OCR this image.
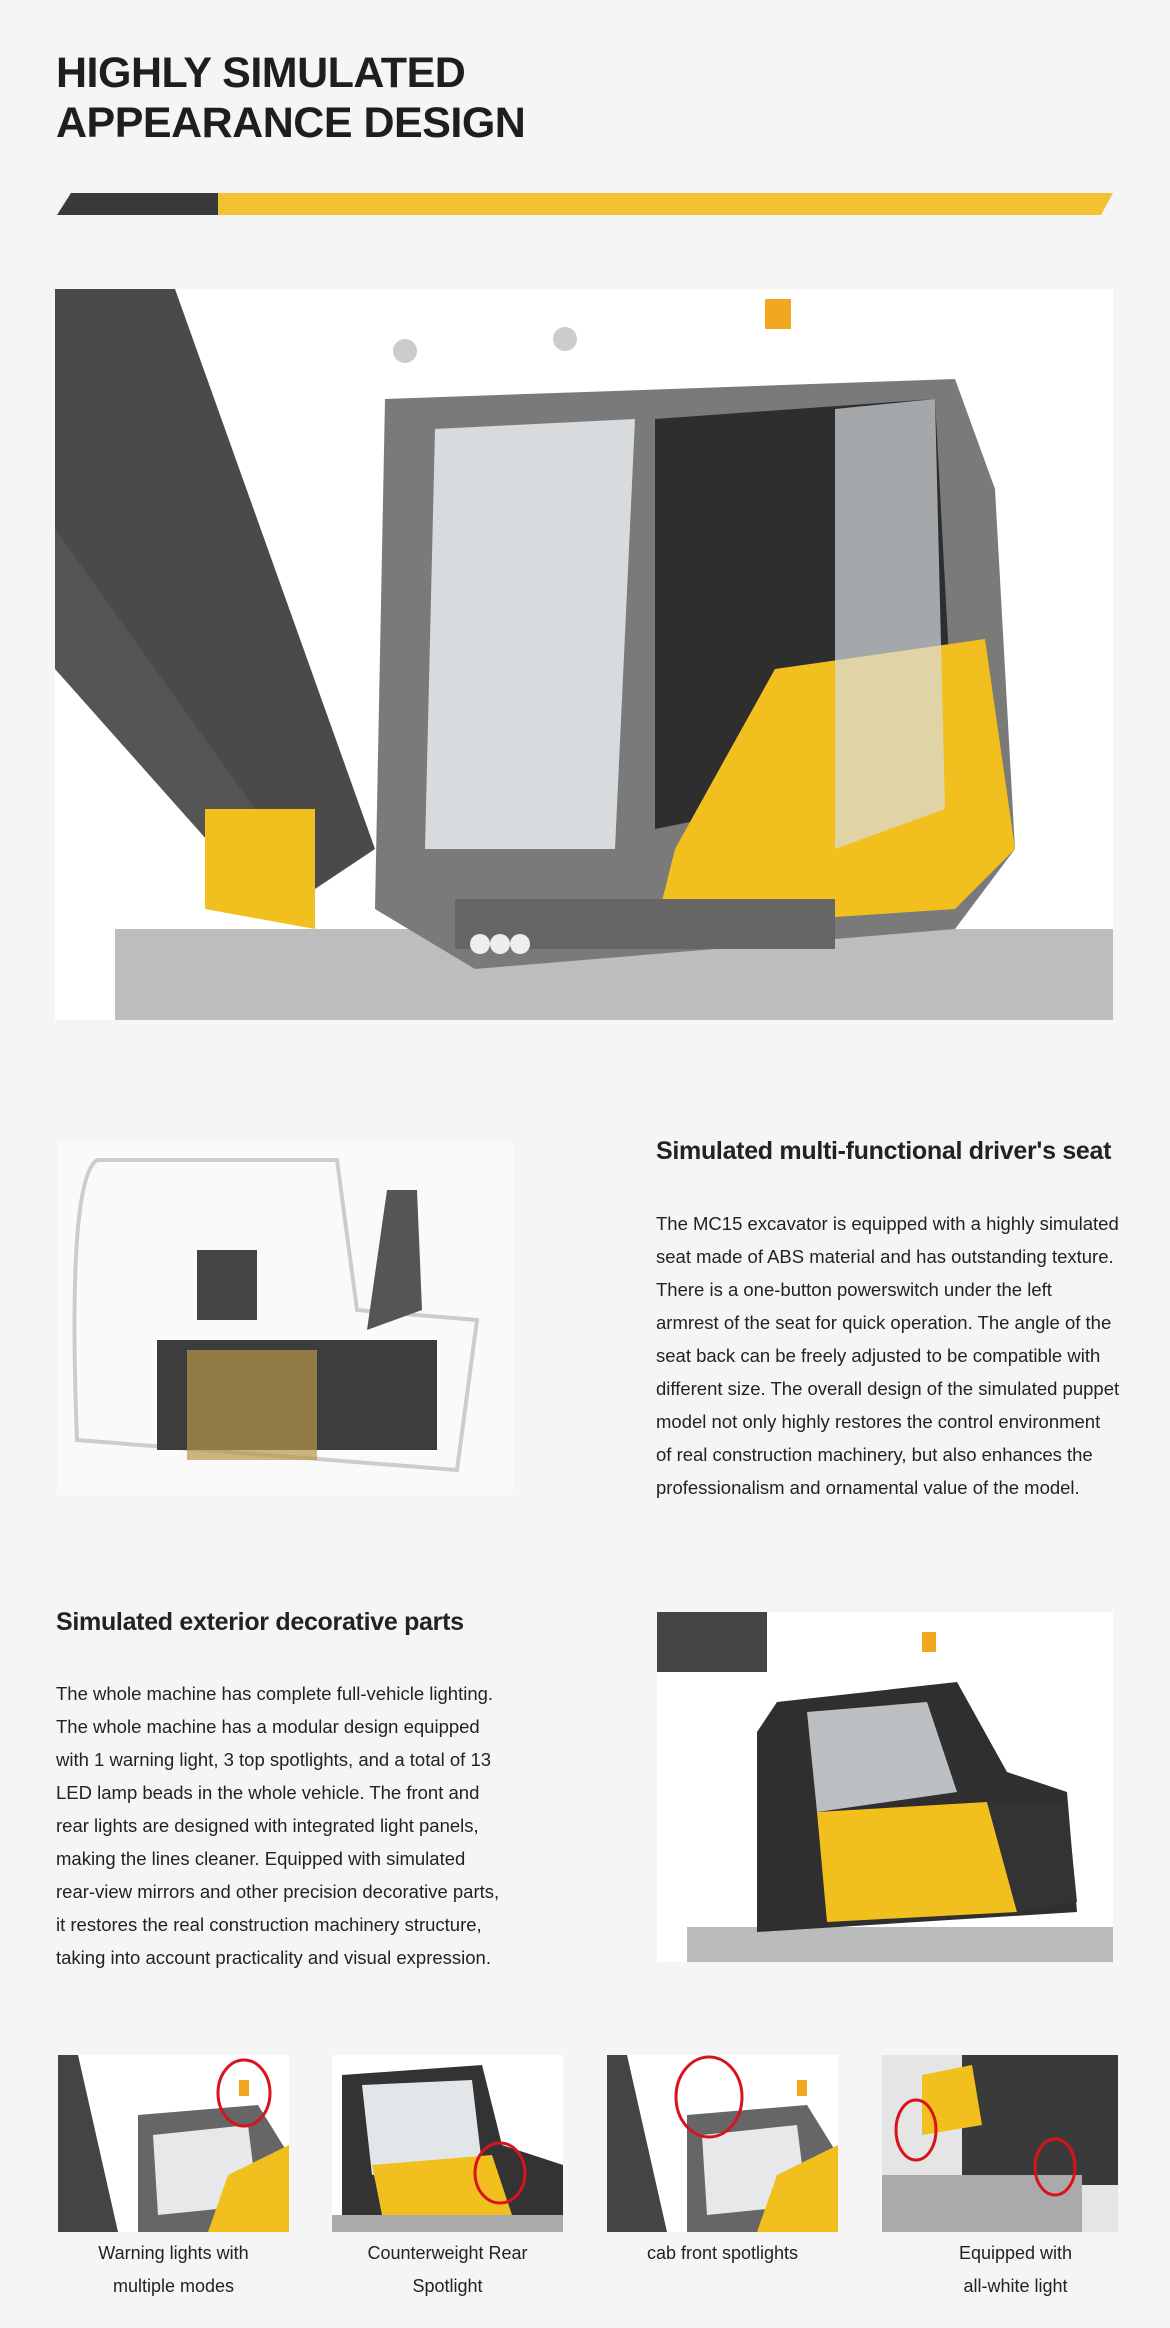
HIGHLY SIMULATED
APPEARANCE DESIGN
Simulated multi-functional driver's seat
The MC15 excavator is equipped with a highly simulated
seat made of ABS material and has outstanding texture.
There is a one-button powerswitch under the left
armrest of the seat for quick operation. The angle of the
seat back can be freely adjusted to be compatible with
different size. The overall design of the simulated puppet
model not only highly restores the control environment
of real construction machinery, but also enhances the
professionalism and ornamental value of the model.
Simulated exterior decorative parts
The whole machine has complete full-vehicle lighting.
The whole machine has a modular design equipped
with 1 warning light, 3 top spotlights, and a total of 13
LED lamp beads in the whole vehicle. The front and
rear lights are designed with integrated light panels,
making the lines cleaner. Equipped with simulated
rear-view mirrors and other precision decorative parts,
it restores the real construction machinery structure,
taking into account practicality and visual expression.
Warning lights with
multiple modes
Counterweight Rear
Spotlight
cab front spotlights	Equipped with
all-white light
